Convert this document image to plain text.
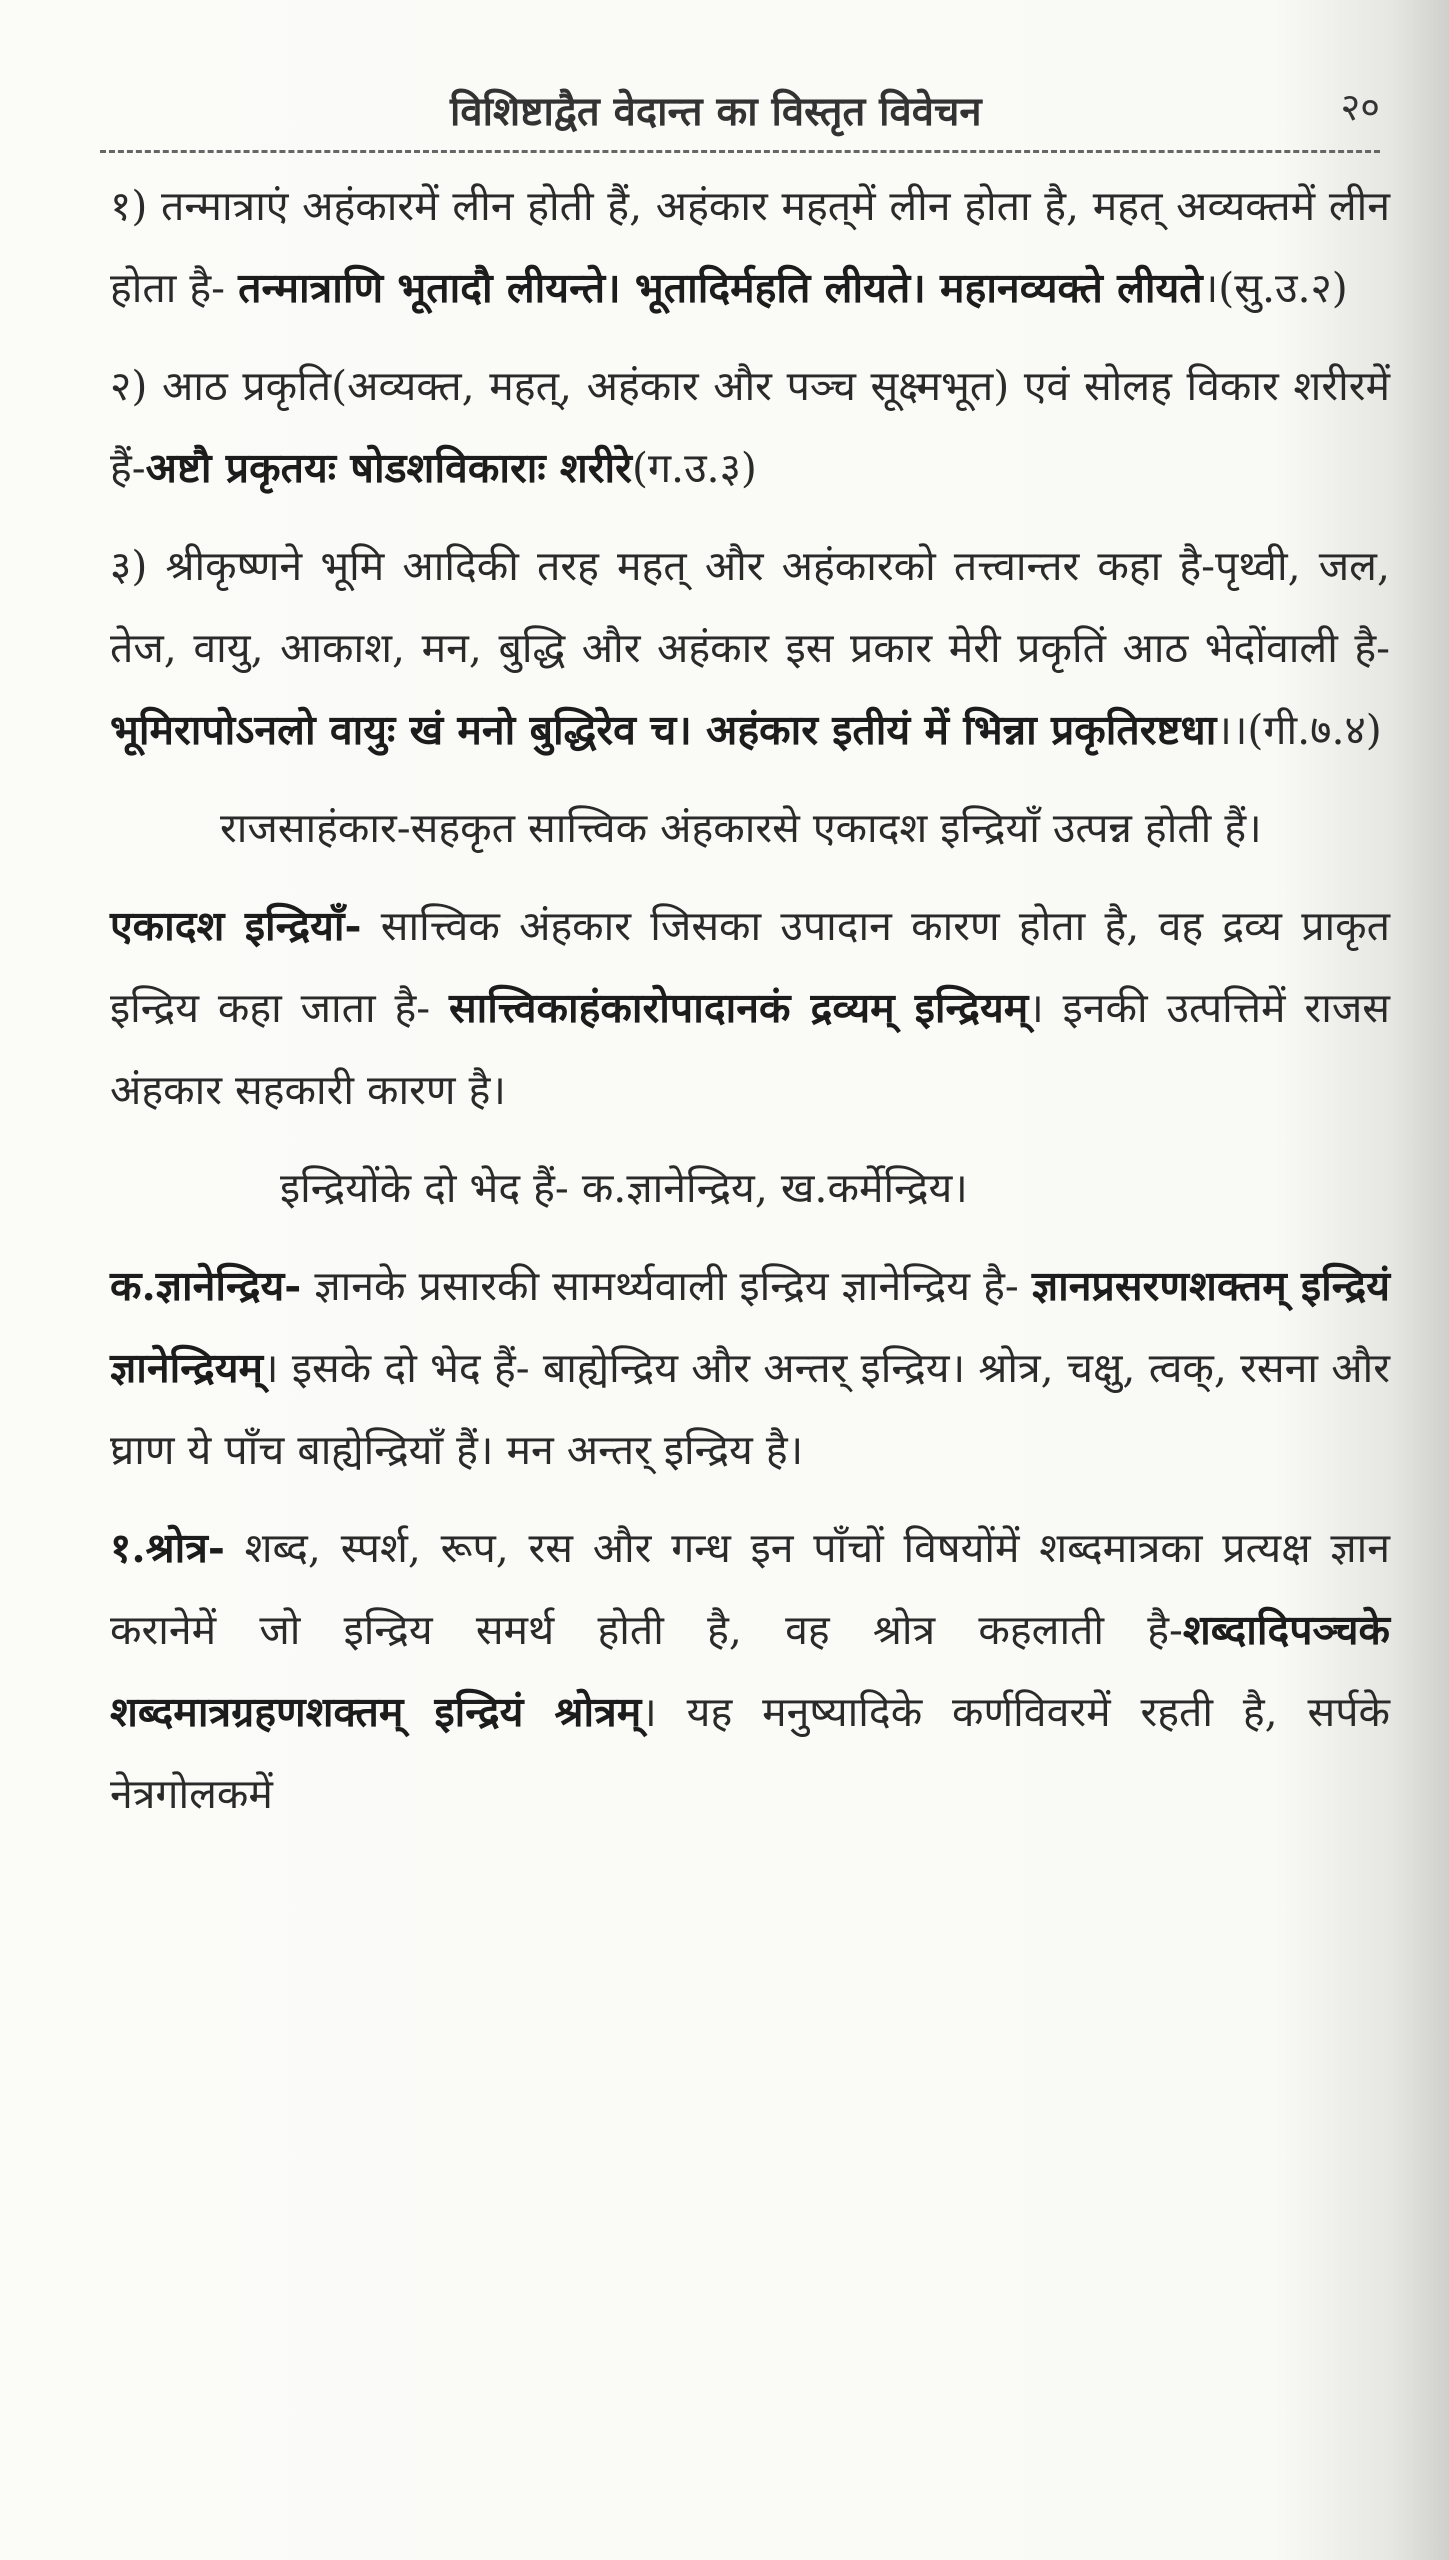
विशिष्टाद्वैत वेदान्त का विस्तृत विवेचन	२०

१) तन्मात्राएं अहंकारमें लीन होती हैं, अहंकार महत्‌में लीन होता है, महत्‌ अव्यक्तमें लीन होता है- तन्मात्राणि भूतादौ लीयन्ते। भूतादिर्महति लीयते। महानव्यक्ते लीयते।(सु.उ.२)

२) आठ प्रकृति(अव्यक्त, महत्‌, अहंकार और पञ्च सूक्ष्मभूत) एवं सोलह विकार शरीरमें हैं-अष्टौ प्रकृतयः षोडशविकाराः शरीरे(ग.उ.३)

३) श्रीकृष्णने भूमि आदिकी तरह महत्‌ और अहंकारको तत्त्वान्तर कहा है-पृथ्वी, जल, तेज, वायु, आकाश, मन, बुद्धि और अहंकार इस प्रकार मेरी प्रकृतिं आठ भेदोंवाली है- भूमिरापोऽनलो वायुः खं मनो बुद्धिरेव च। अहंकार इतीयं में भिन्ना प्रकृतिरष्टधा।।(गी.७.४)

राजसाहंकार-सहकृत सात्त्विक अंहकारसे एकादश इन्द्रियाँ उत्पन्न होती हैं।

एकादश इन्द्रियाँ- सात्त्विक अंहकार जिसका उपादान कारण होता है, वह द्रव्य प्राकृत इन्द्रिय कहा जाता है- सात्त्विकाहंकारोपादानकं द्रव्यम्‌ इन्द्रियम्‌। इनकी उत्पत्तिमें राजस अंहकार सहकारी कारण है।

इन्द्रियोंके दो भेद हैं- क.ज्ञानेन्द्रिय, ख.कर्मेन्द्रिय।

क.ज्ञानेन्द्रिय- ज्ञानके प्रसारकी सामर्थ्यवाली इन्द्रिय ज्ञानेन्द्रिय है- ज्ञानप्रसरणशक्तम्‌ इन्द्रियं ज्ञानेन्द्रियम्‌। इसके दो भेद हैं- बाह्येन्द्रिय और अन्तर्‌ इन्द्रिय। श्रोत्र, चक्षु, त्वक्‌, रसना और घ्राण ये पाँच बाह्येन्द्रियाँ हैं। मन अन्तर्‌ इन्द्रिय है।

१.श्रोत्र- शब्द, स्पर्श, रूप, रस और गन्ध इन पाँचों विषयोंमें शब्दमात्रका प्रत्यक्ष ज्ञान करानेमें जो इन्द्रिय समर्थ होती है, वह श्रोत्र कहलाती है-शब्दादिपञ्चके शब्दमात्रग्रहणशक्तम्‌ इन्द्रियं श्रोत्रम्‌। यह मनुष्यादिके कर्णविवरमें रहती है, सर्पके नेत्रगोलकमें
